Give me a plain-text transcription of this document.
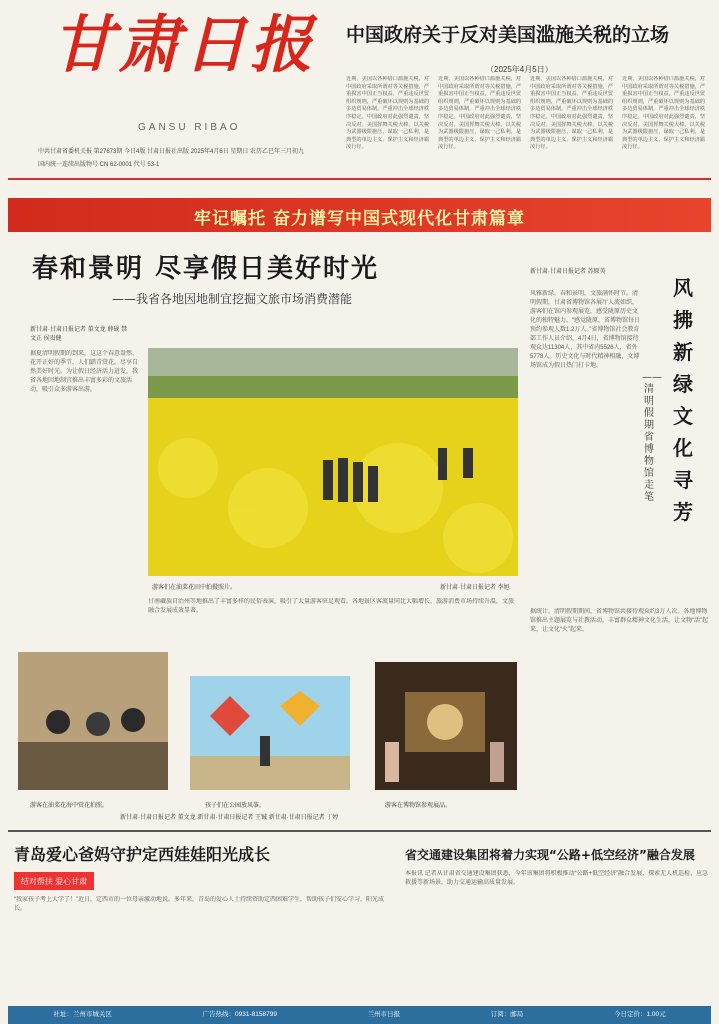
甘肃日报
GANSU RIBAO
中共甘肃省委机关报 第27673期 今日4版 甘肃日报社出版 2025年4月6日 星期日 农历乙巳年三月初九
国内统一连续出版物号 CN 62-0001 代号 53-1
中国政府关于反对美国滥施关税的立场
（2025年4月5日）
近期，美国以各种借口滥施关税，对中国政府采取所谓对等关税措施，严重损害中国正当权益，严重违反世贸组织规则，严重破坏以规则为基础的多边贸易体制，严重冲击全球经济秩序稳定。中国政府对此强烈谴责，坚决反对。美国挥舞关税大棒，以关税为武器极限施压，谋取一己私利，是典型的单边主义、保护主义和经济霸凌行径。
近期，美国以各种借口滥施关税，对中国政府采取所谓对等关税措施，严重损害中国正当权益，严重违反世贸组织规则，严重破坏以规则为基础的多边贸易体制，严重冲击全球经济秩序稳定。中国政府对此强烈谴责，坚决反对。美国挥舞关税大棒，以关税为武器极限施压，谋取一己私利，是典型的单边主义、保护主义和经济霸凌行径。
近期，美国以各种借口滥施关税，对中国政府采取所谓对等关税措施，严重损害中国正当权益，严重违反世贸组织规则，严重破坏以规则为基础的多边贸易体制，严重冲击全球经济秩序稳定。中国政府对此强烈谴责，坚决反对。美国挥舞关税大棒，以关税为武器极限施压，谋取一己私利，是典型的单边主义、保护主义和经济霸凌行径。
近期，美国以各种借口滥施关税，对中国政府采取所谓对等关税措施，严重损害中国正当权益，严重违反世贸组织规则，严重破坏以规则为基础的多边贸易体制，严重冲击全球经济秩序稳定。中国政府对此强烈谴责，坚决反对。美国挥舞关税大棒，以关税为武器极限施压，谋取一己私利，是典型的单边主义、保护主义和经济霸凌行径。
牢记嘱托 奋力谱写中国式现代化甘肃篇章
春和景明 尽享假日美好时光
——我省各地因地制宜挖掘文旅市场消费潜能
新甘肃·甘肃日报记者 董文龙 薛砚 禁文正 侯贵健
据夏清明假期的到来，这这个春意盎然、花开正好的季节，人们踏青赏花，尽享自然美好时光。为让假日经济活力迸发，我省各地因地制宜推出丰富多彩的文旅活动，吸引众多游客出游。
游客们在油菜花田中拍摄照片。	新甘肃·甘肃日报记者 李旭
甘南藏族自治州等地推出了丰富多样的民俗表演，吸引了大量游客驻足观看。各地景区客流量同比大幅增长，旅游消费市场持续升温，文旅融合发展成效显著。
游客在油菜花海中赏花拍照。	孩子们在公园放风筝。	游客在博物馆参观展品。
新甘肃·甘肃日报记者 董文龙 新甘肃·甘肃日报记者 王铖 新甘肃·甘肃日报记者 丁婷
新甘肃·甘肃日报记者 苏原英
风雅新绿，春和景明，文旅满怀时节。清明假期，甘肃省博物馆各展厅人流如织，游客们在馆内参观展览，感受陇原历史文化的独特魅力。“感觉陇原，省博物馆每日预约参观人数1.2万人。”省博物馆社会教育部工作人员介绍，4月4日，省博物馆接待观众达11304人，其中省内5526人，省外5778人。历史文化与时代精神相融，文博场馆成为假日热门打卡地。
风拂新绿文化寻芳
——清明假期省博物馆走笔
据统计，清明假期期间，省博物馆共接待观众约3万人次。各地博物馆推出主题展览与社教活动，丰富群众精神文化生活，让文物“活”起来，让文化“火”起来。
青岛爱心爸妈守护定西娃娃阳光成长
结对帮扶 爱心甘肃
“我家孩子考上大学了！”近日，定西市的一位母亲激动地说。多年来，青岛的爱心人士持续资助定西困难学生，帮助孩子们安心学习，阳光成长。
省交通建设集团将着力实现“公路+低空经济”融合发展
本报讯 记者从甘肃省交通建设集团获悉，今年该集团将积极推动“公路+低空经济”融合发展，探索无人机巡检、应急救援等新场景，助力交通运输高质量发展。
社址：兰州市城关区	广告热线：0931-8158799	兰州市日报	订阅：邮局	今日定价：1.00元
